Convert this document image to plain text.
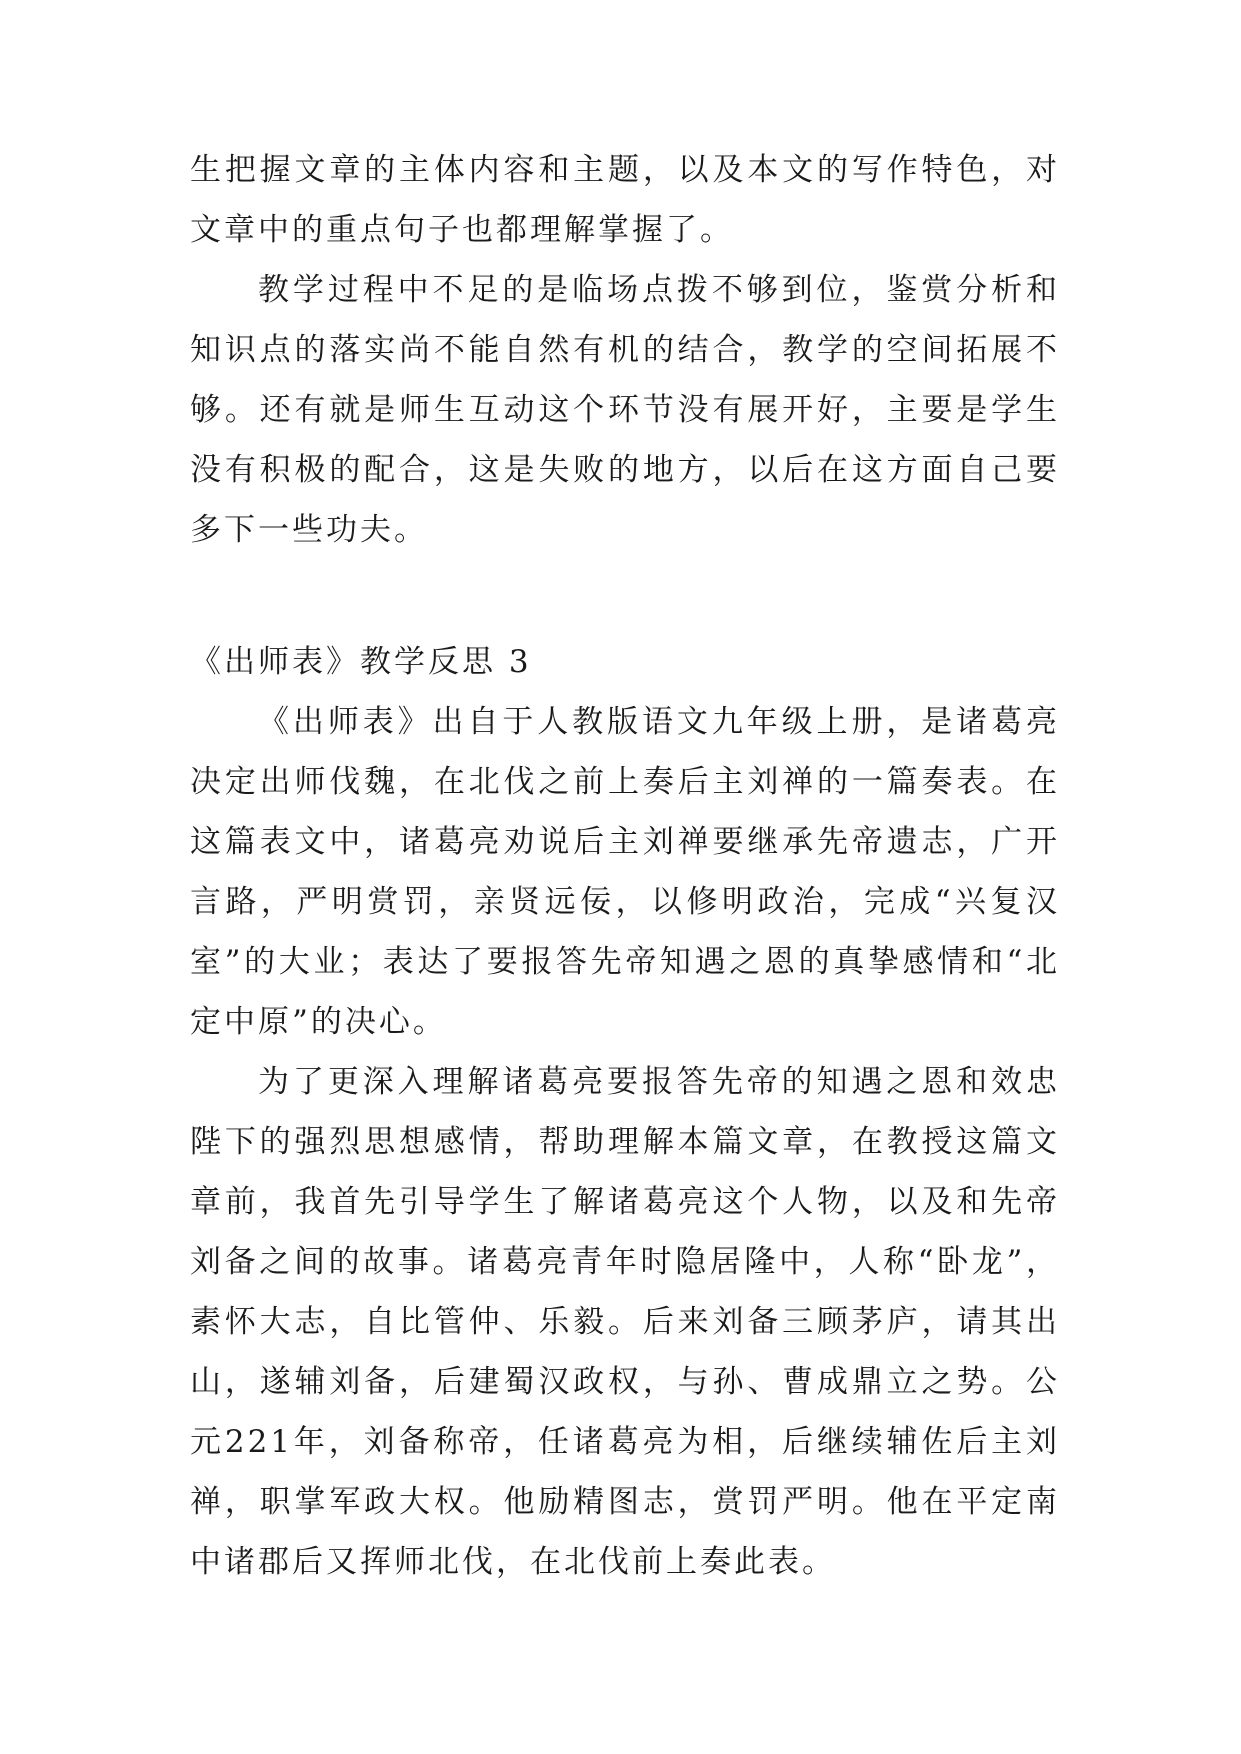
生把握文章的主体内容和主题，以及本文的写作特色，对文章中的重点句子也都理解掌握了。

教学过程中不足的是临场点拨不够到位，鉴赏分析和知识点的落实尚不能自然有机的结合，教学的空间拓展不够。还有就是师生互动这个环节没有展开好，主要是学生没有积极的配合，这是失败的地方，以后在这方面自己要多下一些功夫。

《出师表》教学反思 3

《出师表》出自于人教版语文九年级上册，是诸葛亮决定出师伐魏，在北伐之前上奏后主刘禅的一篇奏表。在这篇表文中，诸葛亮劝说后主刘禅要继承先帝遗志，广开言路，严明赏罚，亲贤远佞，以修明政治，完成“兴复汉室”的大业；表达了要报答先帝知遇之恩的真挚感情和“北定中原”的决心。

为了更深入理解诸葛亮要报答先帝的知遇之恩和效忠陛下的强烈思想感情，帮助理解本篇文章，在教授这篇文章前，我首先引导学生了解诸葛亮这个人物，以及和先帝刘备之间的故事。诸葛亮青年时隐居隆中，人称“卧龙”，素怀大志，自比管仲、乐毅。后来刘备三顾茅庐，请其出山，遂辅刘备，后建蜀汉政权，与孙、曹成鼎立之势。公元221年，刘备称帝，任诸葛亮为相，后继续辅佐后主刘禅，职掌军政大权。他励精图志，赏罚严明。他在平定南中诸郡后又挥师北伐，在北伐前上奏此表。
